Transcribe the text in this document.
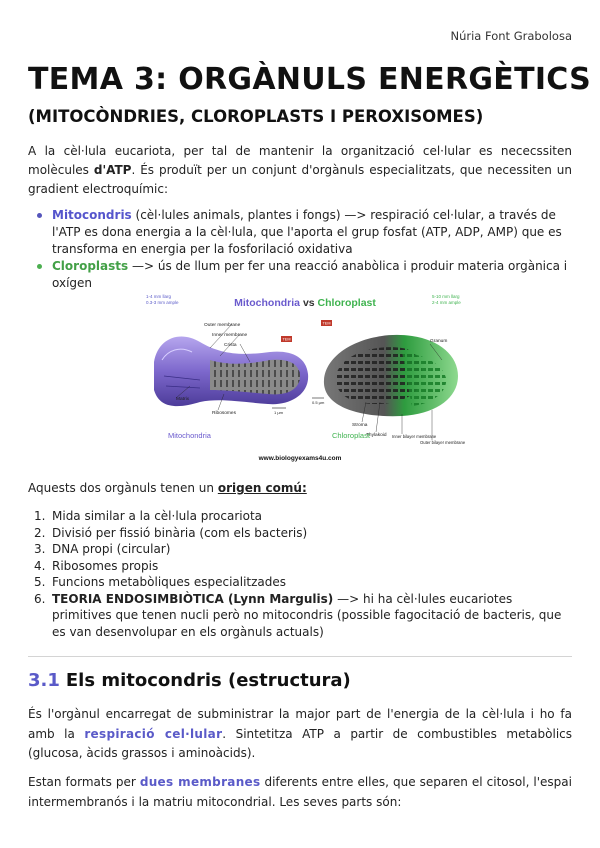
Núria Font Grabolosa
TEMA 3: ORGÀNULS ENERGÈTICS
(MITOCÒNDRIES, CLOROPLASTS I PEROXISOMES)

A la cèl·lula eucariota, per tal de mantenir la organització cel·lular es nececssiten molècules d'ATP. És produït per un conjunt d'orgànuls especialitzats, que necessiten un gradient electroquímic:

Mitocondris (cèl·lules animals, plantes i fongs) —> respiració cel·lular, a través de l'ATP es dona energia a la cèl·lula, que l'aporta el grup fosfat (ATP, ADP, AMP) que es transforma en energia per la fosforilació oxidativa
Cloroplasts —> ús de llum per fer una reacció anabòlica i produir materia orgànica i oxígen
Mitochondria vs Chloroplast
1-4 mm llarg
0.3-3 mm ample
5-10 mm llarg
2-4 mm ample
TEM
TEM
Outer membrane
Inner membrane
Crista
Matrix
Ribosomes	1 µm
0.5 µm
Stroma
Thylakoid Inner bilayer membrane
Outer bilayer membrane
Granum
Mitochondria	Chloroplast
www.biologyexams4u.com

Aquests dos orgànuls tenen un origen comú:

1. Mida similar a la cèl·lula procariota
2. Divisió per fissió binària (com els bacteris)
3. DNA propi (circular)
4. Ribosomes propis
5. Funcions metabòliques especialitzades
6. TEORIA ENDOSIMBIÒTICA (Lynn Margulis) —> hi ha cèl·lules eucariotes primitives que tenen nucli però no mitocondris (possible fagocitació de bacteris, que es van desenvolupar en els orgànuls actuals)
3.1 Els mitocondris (estructura)

És l'orgànul encarregat de subministrar la major part de l'energia de la cèl·lula i ho fa amb la respiració cel·lular. Sintetitza ATP a partir de combustibles metabòlics (glucosa, àcids grassos i aminoàcids).

Estan formats per dues membranes diferents entre elles, que separen el citosol, l'espai intermembranós i la matriu mitocondrial. Les seves parts són:
